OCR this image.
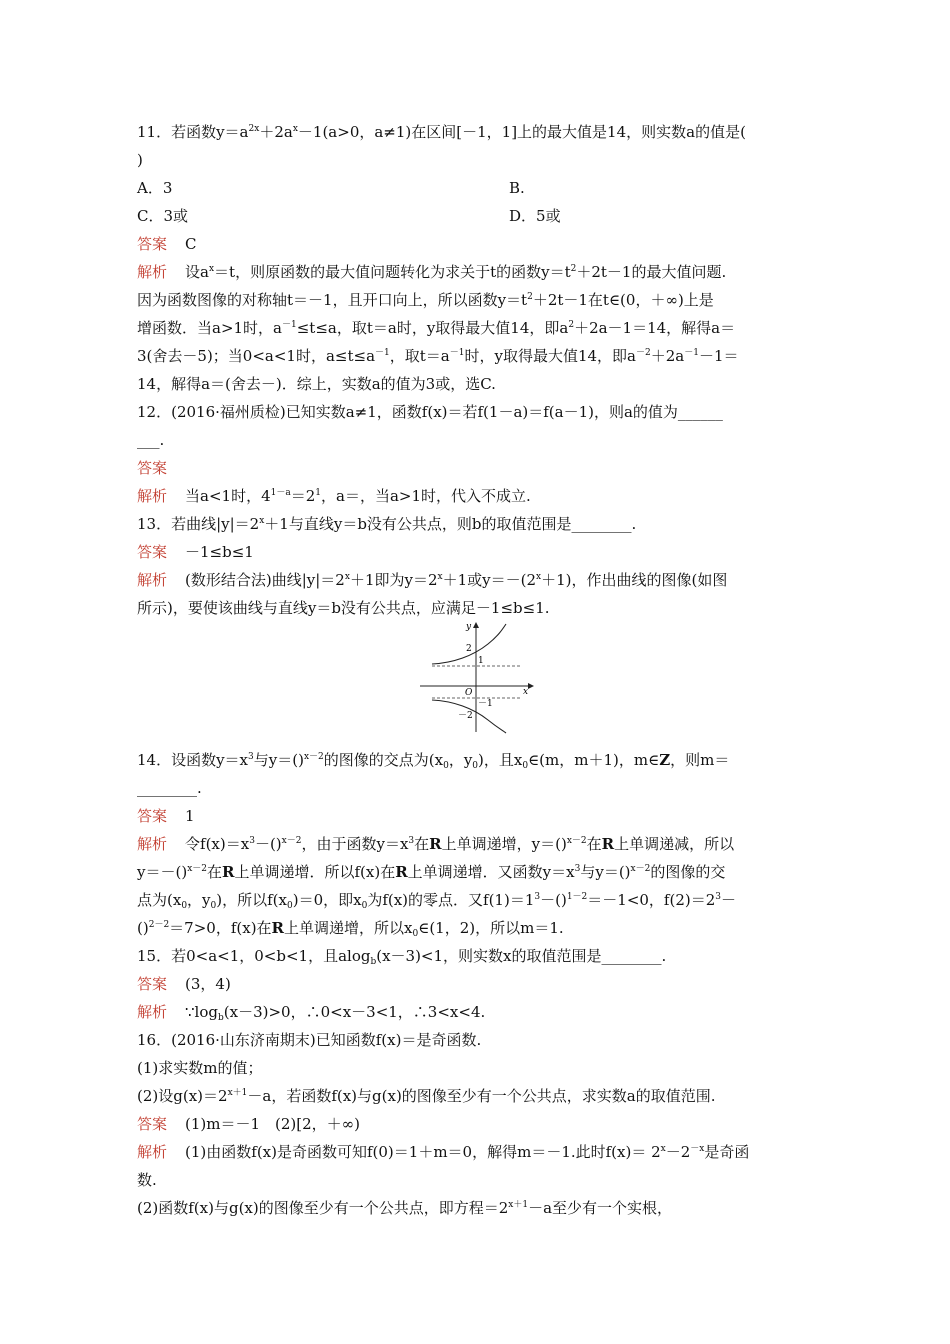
11．若函数$y=a^{2x}+2a^x-1(a>0$，a≠1)在区间[－1，1]上的最大值是14，则实数a的值是(
)
A．3	B.
C．3或	D．5或
答案 C
解析 设$a^x=t$，则原函数的最大值问题转化为求关于t的函数$y=t^2+2t-1$的最大值问题.
因为函数图像的对称轴t＝－1，且开口向上，所以函数$y=t^2+2t-1$在t∈(0，＋∞)上是
增函数．当a>1时，$a^{-1}\le t\le a$，取t＝a时，y取得最大值14，即$a^2+2a-1=14$，解得a＝
3(舍去－5)；当0<a<1时，$a\le t\le a^{-1}$，取$t=a^{-1}$时，y取得最大值14，即$a^{-2}+2a^{-1}-1=$
14，解得a＝(舍去－)．综上，实数a的值为3或，选C.
12．(2016·福州质检)已知实数a≠1，函数f(x)＝若f(1－a)＝f(a－1)，则a的值为______
___.
答案
解析 当a<1时，$4^{1-a}=2^1$，a＝，当a>1时，代入不成立.
13．若曲线$|y|=2^x+1$与直线y＝b没有公共点，则b的取值范围是________.
答案 －1≤b≤1
解析 (数形结合法)曲线$|y|=2^x+1$即为$y=2^x+1$或$y=-(2^x+1)$，作出曲线的图像(如图
所示)，要使该曲线与直线y＝b没有公共点，应满足－1≤b≤1.
y
x
O
2
1
－1
－2
14．设函数$y=x^3$与y＝()$^{x-2}$的图像的交点为($x_0$，$y_0$)，且$x_0\in(m$，m＋1)，m∈Z，则m＝
________.
答案 1
解析 令$f(x)=x^3-()^{x-2}$，由于函数$y=x^3$在R上单调递增，y＝()$^{x-2}$在R上单调递减，所以
y＝－()$^{x-2}$在R上单调递增．所以f(x)在R上单调递增．又函数$y=x^3$与y＝()$^{x-2}$的图像的交
点为($x_0$，$y_0$)，所以$f(x_0)=0$，即$x_0$为f(x)的零点．又$f(1)=1^3-()^{1-2}=-1<0$，$f(2)=2^3-$
()$^{2-2}$＝7>0，f(x)在R上单调递增，所以$x_0\in(1$，2)，所以m＝1.
15．若0<a<1，0<b<1，且alog$_b$(x－3)<1，则实数x的取值范围是________.
答案 (3，4)
解析 $\because\log_b(x-3)>0$，∴0<x－3<1，∴3<x<4.
16．(2016·山东济南期末)已知函数f(x)＝是奇函数.
(1)求实数m的值；
(2)设$g(x)=2^{x+1}-a$，若函数f(x)与g(x)的图像至少有一个公共点，求实数a的取值范围.
答案 (1)m＝－1　(2)[2，＋∞)
解析 (1)由函数f(x)是奇函数可知f(0)＝1＋m＝0，解得m＝－1.此时$f(x)= 2^x-2^{-x}$是奇函
数.
(2)函数f(x)与g(x)的图像至少有一个公共点，即方程$=2^{x+1}-a$至少有一个实根，
